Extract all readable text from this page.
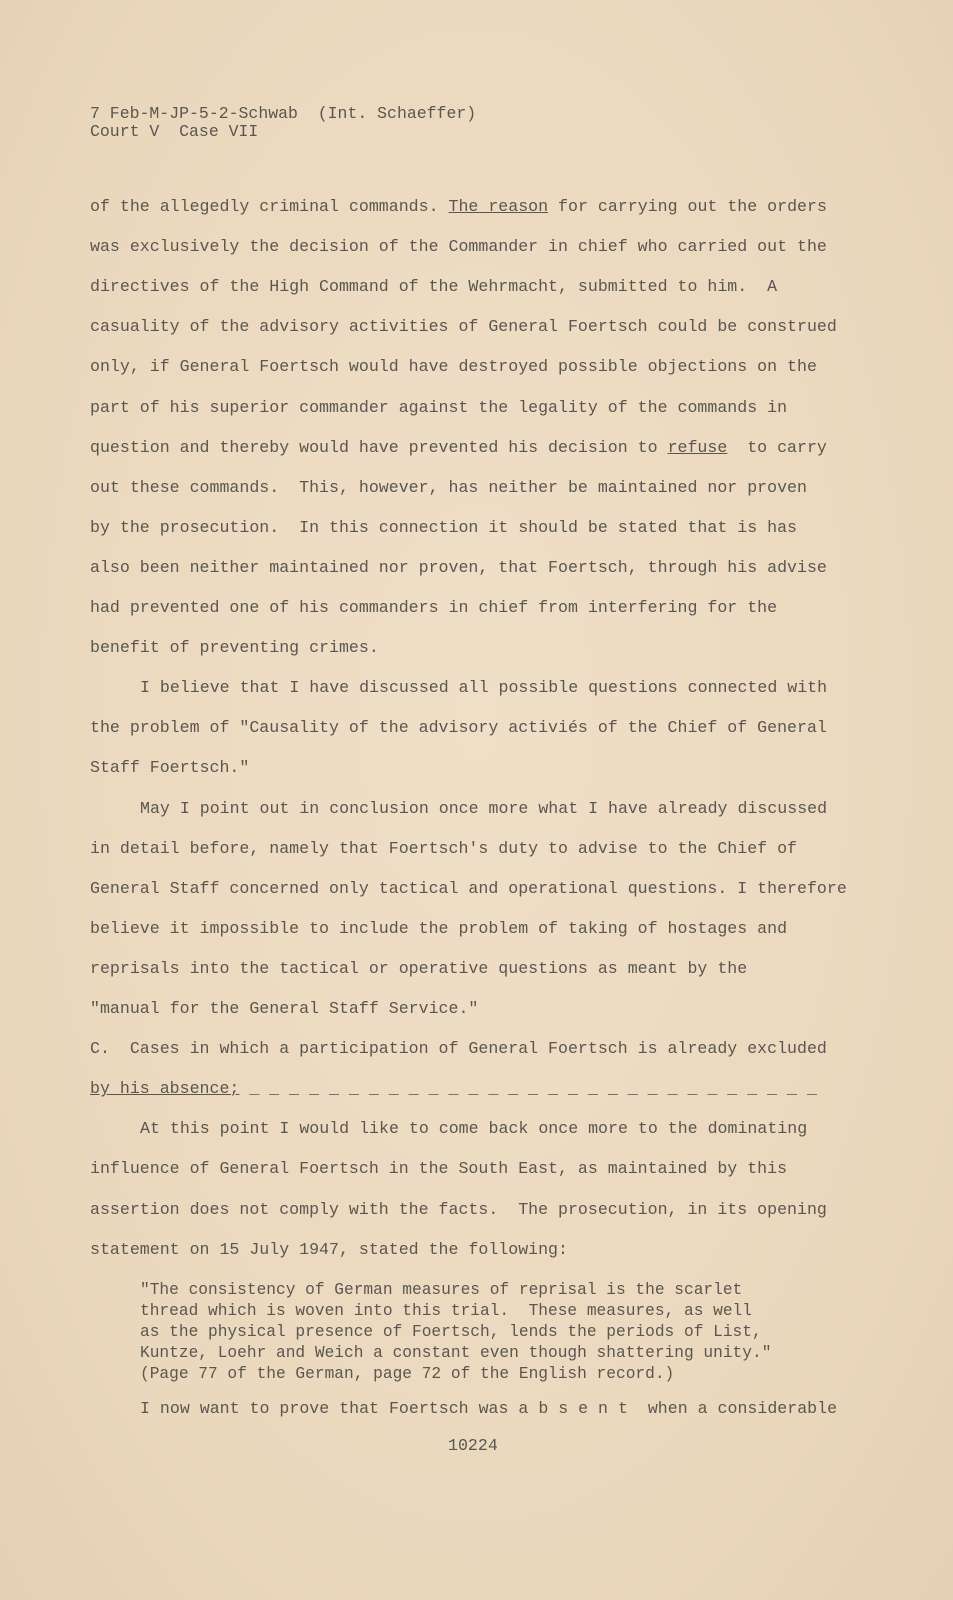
7 Feb-M-JP-5-2-Schwab  (Int. Schaeffer)
Court V  Case VII
of the allegedly criminal commands. The reason for carrying out the orders
was exclusively the decision of the Commander in chief who carried out the
directives of the High Command of the Wehrmacht, submitted to him.  A
casuality of the advisory activities of General Foertsch could be construed
only, if General Foertsch would have destroyed possible objections on the
part of his superior commander against the legality of the commands in
question and thereby would have prevented his decision to refuse  to carry
out these commands.  This, however, has neither be maintained nor proven
by the prosecution.  In this connection it should be stated that is has
also been neither maintained nor proven, that Foertsch, through his advise
had prevented one of his commanders in chief from interfering for the
benefit of preventing crimes.
I believe that I have discussed all possible questions connected with
the problem of "Causality of the advisory activiés of the Chief of General
Staff Foertsch."
May I point out in conclusion once more what I have already discussed
in detail before, namely that Foertsch's duty to advise to the Chief of
General Staff concerned only tactical and operational questions. I therefore
believe it impossible to include the problem of taking of hostages and
reprisals into the tactical or operative questions as meant by the
"manual for the General Staff Service."
C.  Cases in which a participation of General Foertsch is already excluded
by_his_absence; _ _ _ _ _ _ _ _ _ _ _ _ _ _ _ _ _ _ _ _ _ _ _ _ _ _ _ _ _
At this point I would like to come back once more to the dominating
influence of General Foertsch in the South East, as maintained by this
assertion does not comply with the facts.  The prosecution, in its opening
statement on 15 July 1947, stated the following:
"The consistency of German measures of reprisal is the scarlet
thread which is woven into this trial.  These measures, as well
as the physical presence of Foertsch, lends the periods of List,
Kuntze, Loehr and Weich a constant even though shattering unity."
(Page 77 of the German, page 72 of the English record.)
I now want to prove that Foertsch was a b s e n t  when a considerable
10224
